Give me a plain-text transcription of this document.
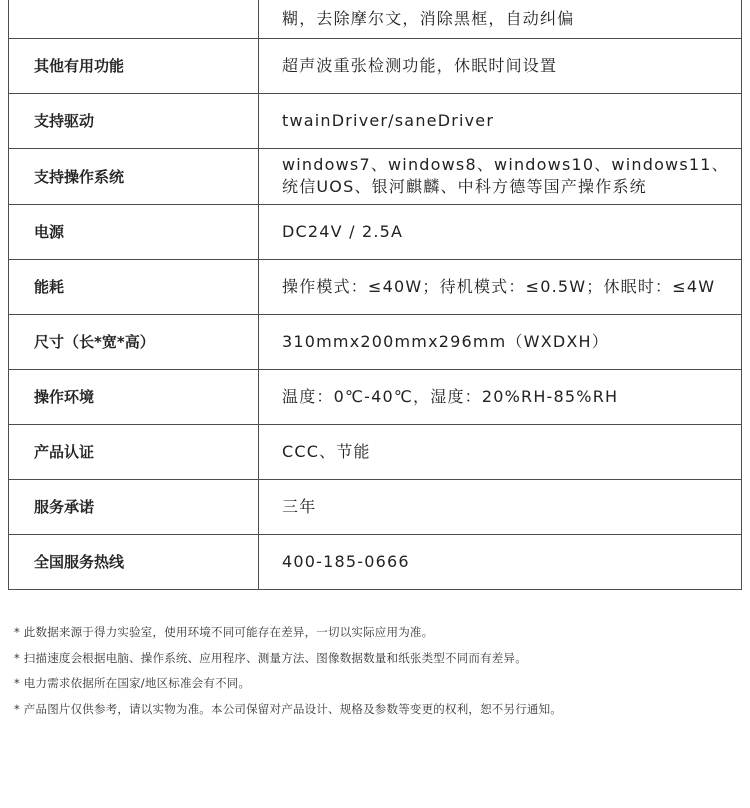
	糊，去除摩尔文，消除黑框，自动纠偏
其他有用功能	超声波重张检测功能，休眠时间设置
支持驱动	twainDriver/saneDriver
支持操作系统	windows7、windows8、windows10、windows11、统信UOS、银河麒麟、中科方德等国产操作系统
电源	DC24V / 2.5A
能耗	操作模式：≤40W；待机模式：≤0.5W；休眠时：≤4W
尺寸（长*宽*高）	310mmx200mmx296mm（WXDXH）
操作环境	温度：0℃-40℃，湿度：20%RH-85%RH
产品认证	CCC、节能
服务承诺	三年
全国服务热线	400-185-0666
* 此数据来源于得力实验室，使用环境不同可能存在差异，一切以实际应用为准。
* 扫描速度会根据电脑、操作系统、应用程序、测量方法、图像数据数量和纸张类型不同而有差异。
* 电力需求依据所在国家/地区标准会有不同。
* 产品图片仅供参考，请以实物为准。本公司保留对产品设计、规格及参数等变更的权利，恕不另行通知。
